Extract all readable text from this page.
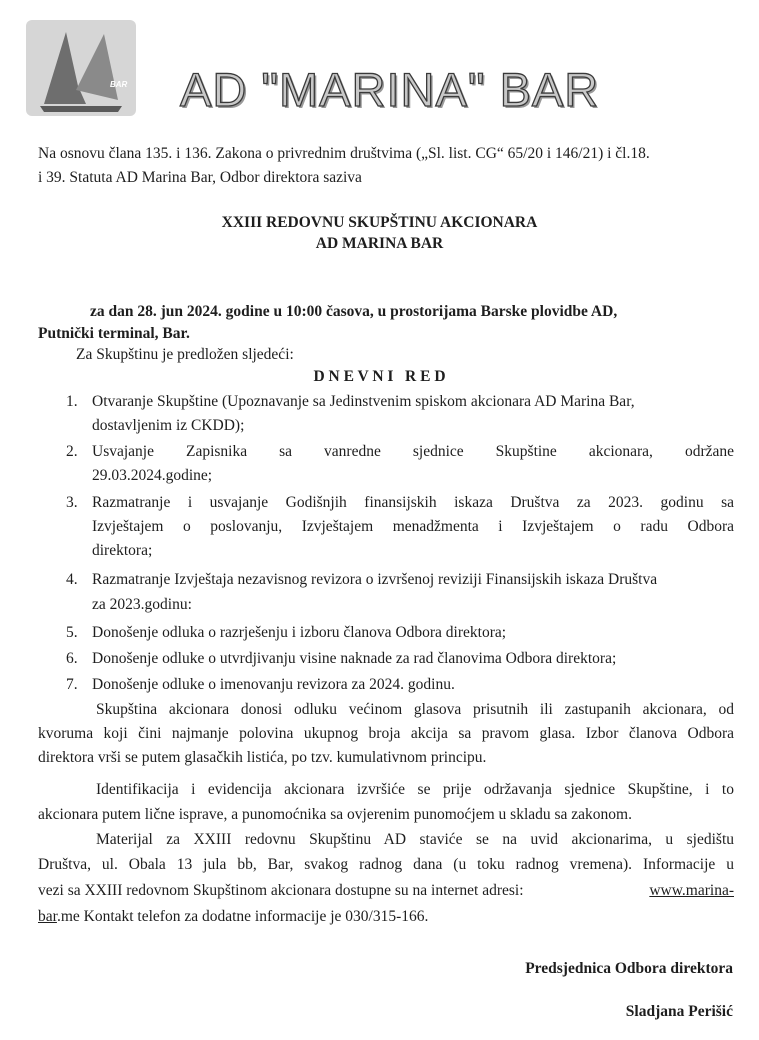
BAR AD "MARINA" BAR
Na osnovu člana 135. i 136. Zakona o privrednim društvima („Sl. list. CG“ 65/20 i 146/21) i čl.18.
i 39. Statuta AD Marina Bar, Odbor direktora saziva
XXIII REDOVNU SKUPŠTINU AKCIONARA
AD MARINA BAR
za dan 28. jun 2024. godine u 10:00 časova, u prostorijama Barske plovidbe AD,
Putnički terminal, Bar.
Za Skupštinu je predložen sljedeći:
D N E V N I   R E D
1. Otvaranje Skupštine (Upoznavanje sa Jedinstvenim spiskom akcionara AD Marina Bar,
dostavljenim iz CKDD);
2. Usvajanje Zapisnika sa vanredne sjednice Skupštine akcionara, održane
29.03.2024.godine;
3. Razmatranje i usvajanje Godišnjih finansijskih iskaza Društva za 2023. godinu sa
Izvještajem o poslovanju, Izvještajem menadžmenta i Izvještajem o radu Odbora
direktora;
4. Razmatranje Izvještaja nezavisnog revizora o izvršenoj reviziji Finansijskih iskaza Društva
za 2023.godinu:
5. Donošenje odluka o razrješenju i izboru članova Odbora direktora;
6. Donošenje odluke o utvrdjivanju visine naknade za rad članovima Odbora direktora;
7. Donošenje odluke o imenovanju revizora za 2024. godinu.
Skupština akcionara donosi odluku većinom glasova prisutnih ili zastupanih akcionara, od
kvoruma koji čini najmanje polovina ukupnog broja akcija sa pravom glasa. Izbor članova Odbora
direktora vrši se putem glasačkih listića, po tzv. kumulativnom principu.
Identifikacija i evidencija akcionara izvršiće se prije održavanja sjednice Skupštine, i to
akcionara putem lične isprave, a punomoćnika sa ovjerenim punomoćjem u skladu sa zakonom.
Materijal za XXIII redovnu Skupštinu AD staviće se na uvid akcionarima, u sjedištu
Društva, ul. Obala 13 jula bb, Bar, svakog radnog dana (u toku radnog vremena). Informacije u
vezi sa XXIII redovnom Skupštinom akcionara dostupne su na internet adresi:	www.marina-
bar.me Kontakt telefon za dodatne informacije je 030/315-166.
Predsjednica Odbora direktora
Sladjana Perišić
